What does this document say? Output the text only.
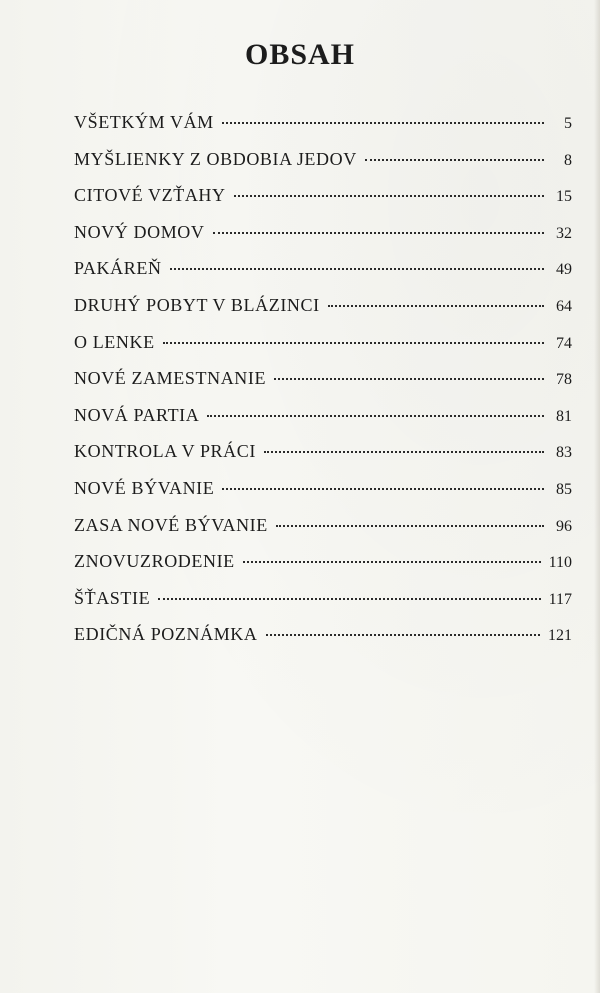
OBSAH
VŠETKÝM VÁM	5
MYŠLIENKY Z OBDOBIA JEDOV	8
CITOVÉ VZŤAHY	15
NOVÝ DOMOV	32
PAKÁREŇ	49
DRUHÝ POBYT V BLÁZINCI	64
O LENKE	74
NOVÉ ZAMESTNANIE	78
NOVÁ PARTIA	81
KONTROLA V PRÁCI	83
NOVÉ BÝVANIE	85
ZASA NOVÉ BÝVANIE	96
ZNOVUZRODENIE	110
ŠŤASTIE	117
EDIČNÁ POZNÁMKA	121
